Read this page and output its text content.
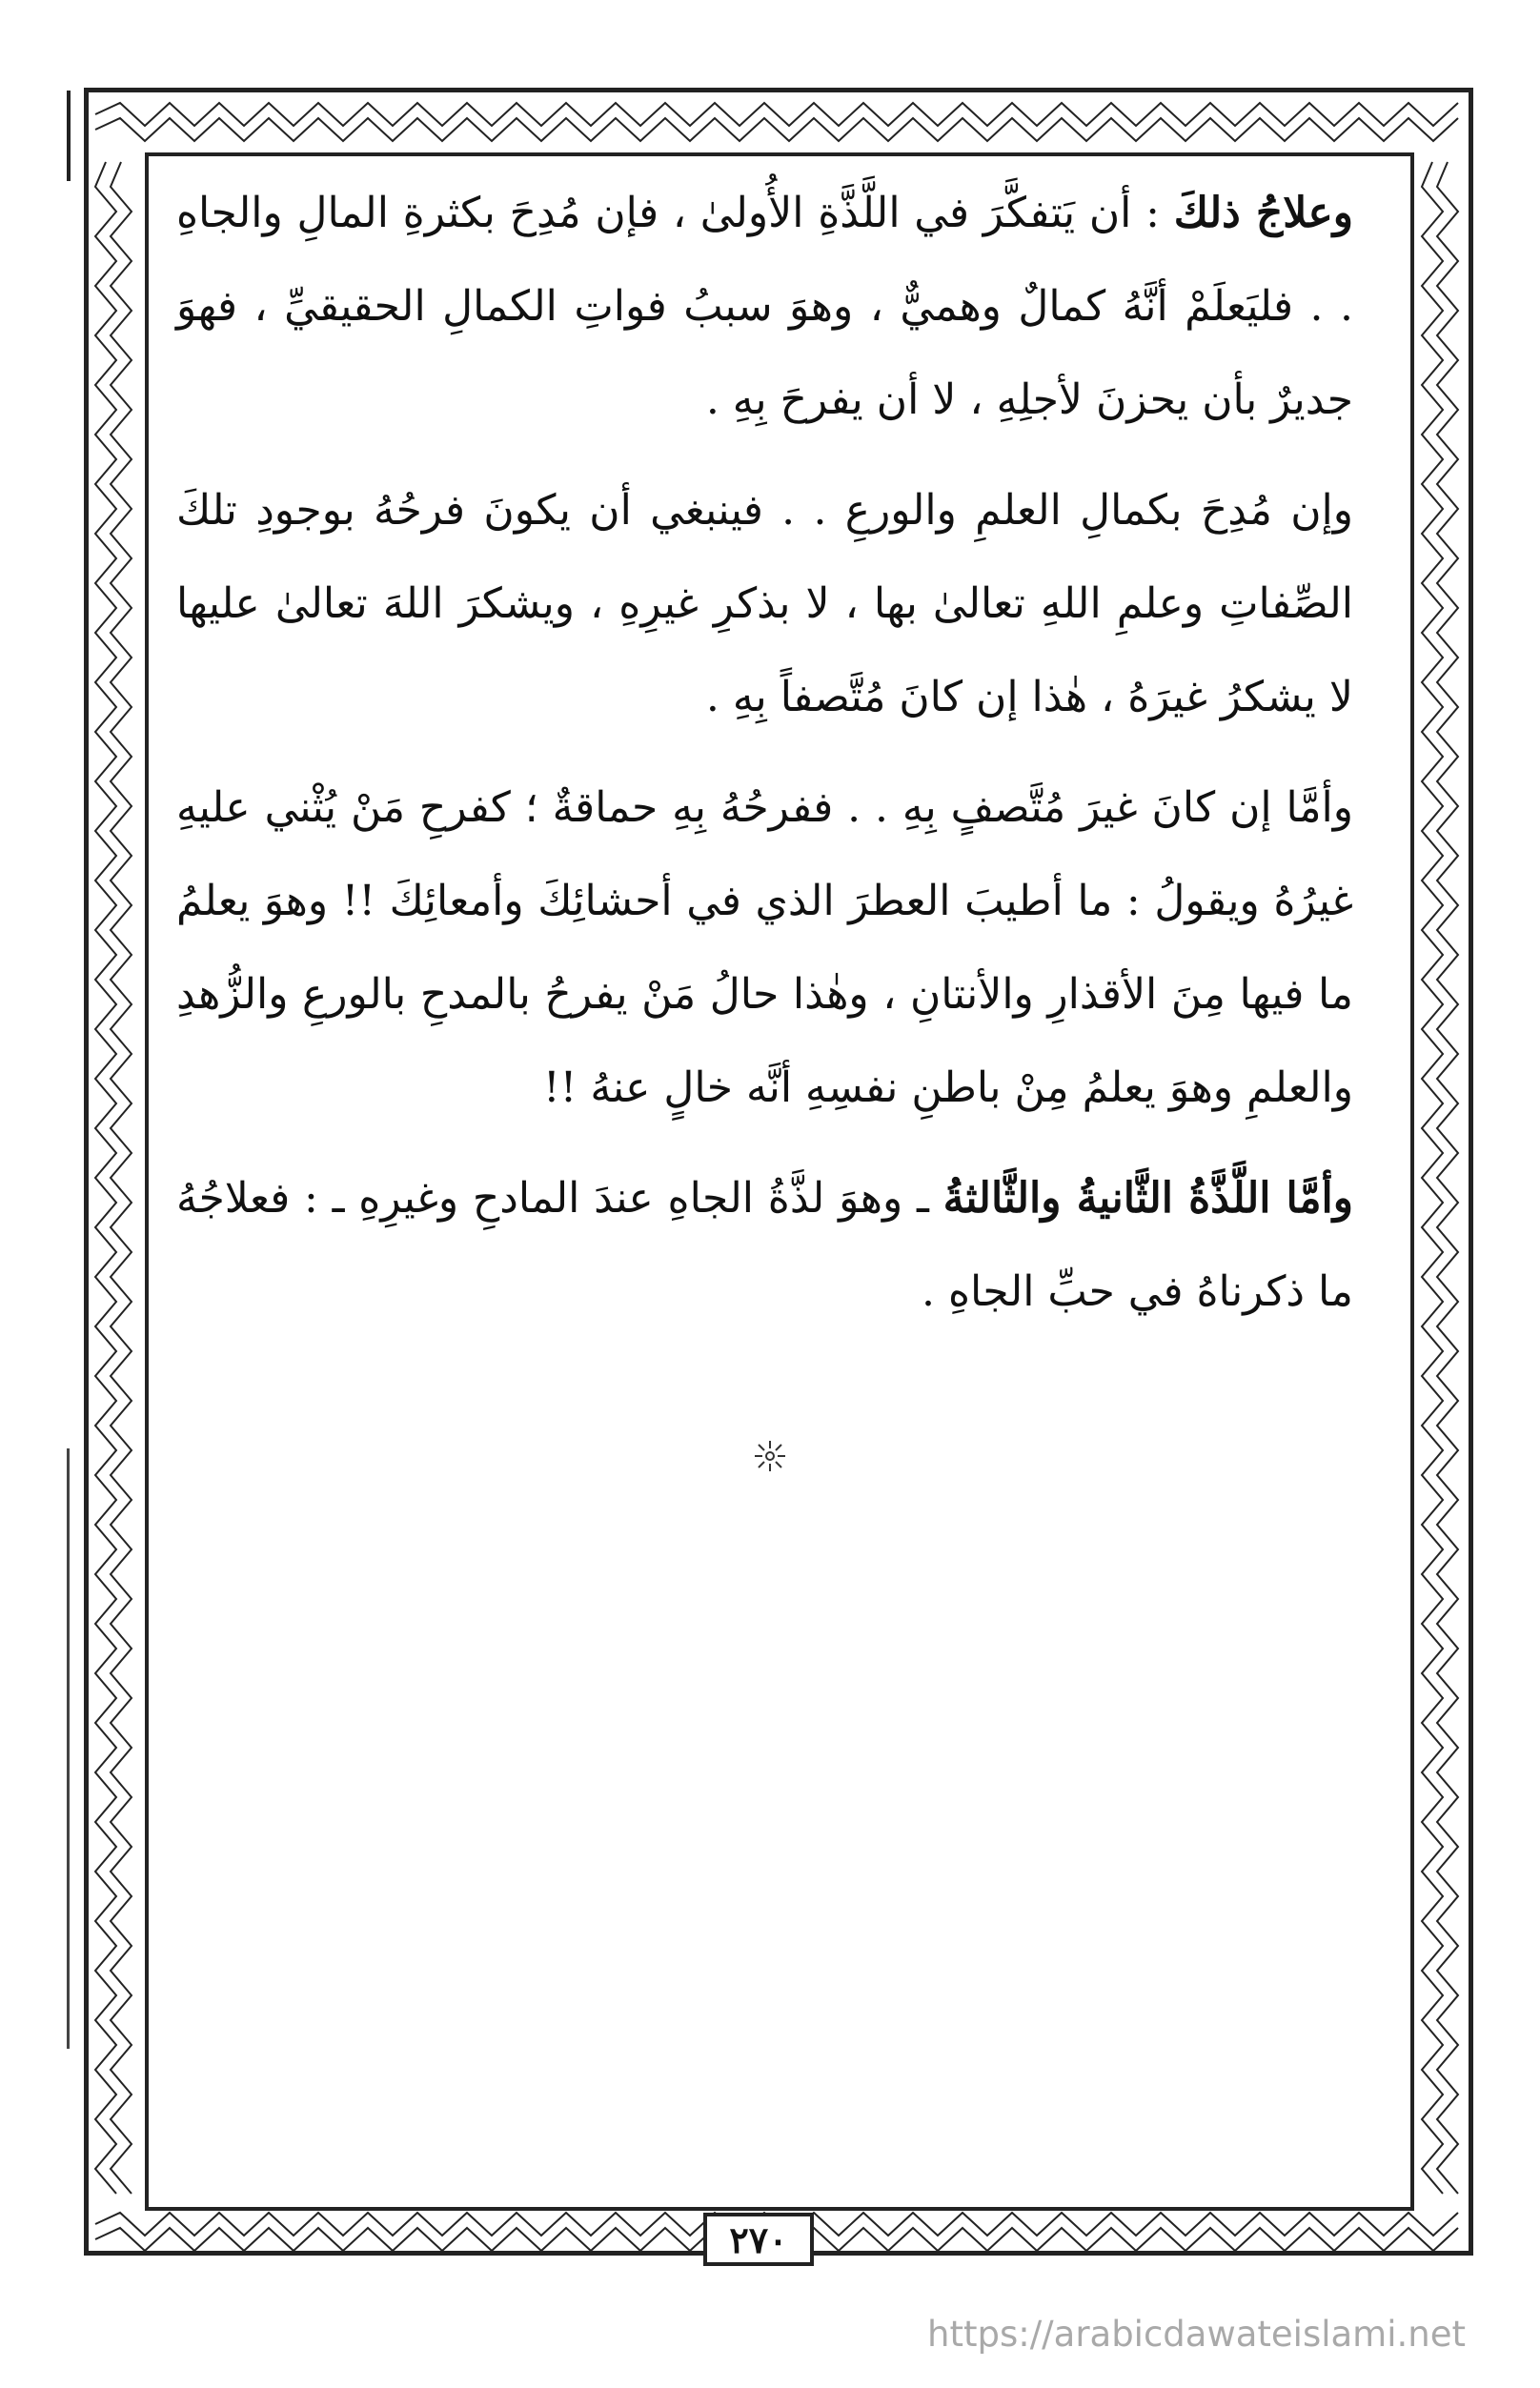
وعلاجُ ذلكَ : أن يَتفكَّرَ في اللَّذَّةِ الأُولىٰ ، فإن مُدِحَ بكثرةِ المالِ والجاهِ . . فليَعلَمْ أنَّهُ كمالٌ وهميٌّ ، وهوَ سببُ فواتِ الكمالِ الحقيقيِّ ، فهوَ جديرٌ بأن يحزنَ لأجلِهِ ، لا أن يفرحَ بِهِ .

وإن مُدِحَ بكمالِ العلمِ والورعِ . . فينبغي أن يكونَ فرحُهُ بوجودِ تلكَ الصِّفاتِ وعلمِ اللهِ تعالىٰ بها ، لا بذكرِ غيرِهِ ، ويشكرَ اللهَ تعالىٰ عليها لا يشكرُ غيرَهُ ، هٰذا إن كانَ مُتَّصفاً بِهِ .

وأمَّا إن كانَ غيرَ مُتَّصفٍ بِهِ . . ففرحُهُ بِهِ حماقةٌ ؛ كفرحِ مَنْ يُثْني عليهِ غيرُهُ ويقولُ : ما أطيبَ العطرَ الذي في أحشائِكَ وأمعائِكَ !! وهوَ يعلمُ ما فيها مِنَ الأقذارِ والأنتانِ ، وهٰذا حالُ مَنْ يفرحُ بالمدحِ بالورعِ والزُّهدِ والعلمِ وهوَ يعلمُ مِنْ باطنِ نفسِهِ أنَّه خالٍ عنهُ !!

وأمَّا اللَّذَّةُ الثَّانيةُ والثَّالثةُ ـ وهوَ لذَّةُ الجاهِ عندَ المادحِ وغيرِهِ ـ : فعلاجُهُ ما ذكرناهُ في حبِّ الجاهِ .

٢٧٠
https://arabicdawateislami.net
